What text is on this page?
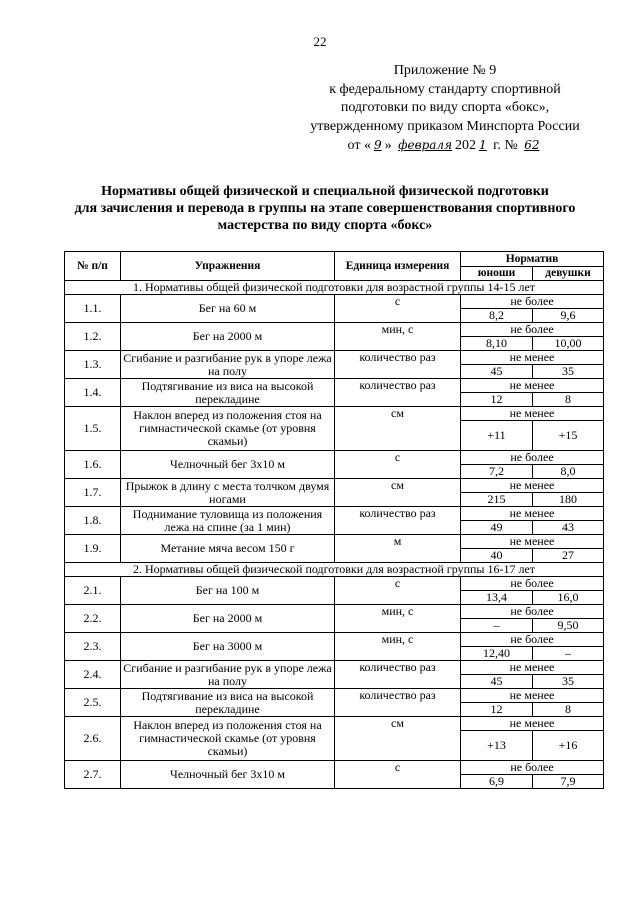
22
Приложение № 9
к федеральному стандарту спортивной
подготовки по виду спорта «бокс»,
утвержденному приказом Минспорта России
от « 9 » февраля 202 1 г. № 62
Нормативы общей физической и специальной физической подготовки
для зачисления и перевода в группы на этапе совершенствования спортивного
мастерства по виду спорта «бокс»
№ п/п	Упражнения	Единица измерения	Норматив	
			юноши	девушки
1. Нормативы общей физической подготовки для возрастной группы 14-15 лет				
1.1.	Бег на 60 м	с	не более	
			8,2	9,6
1.2.	Бег на 2000 м	мин, с	не более	
			8,10	10,00
1.3.	Сгибание и разгибание рук в упоре лежа на полу	количество раз	не менее	
			45	35
1.4.	Подтягивание из виса на высокой перекладине	количество раз	не менее	
			12	8
1.5.	Наклон вперед из положения стоя на гимнастической скамье (от уровня скамьи)	см	не менее	
			+11	+15
1.6.	Челночный бег 3х10 м	с	не более	
			7,2	8,0
1.7.	Прыжок в длину с места толчком двумя ногами	см	не менее	
			215	180
1.8.	Поднимание туловища из положения лежа на спине (за 1 мин)	количество раз	не менее	
			49	43
1.9.	Метание мяча весом 150 г	м	не менее	
			40	27
2. Нормативы общей физической подготовки для возрастной группы 16-17 лет				
2.1.	Бег на 100 м	с	не более	
			13,4	16,0
2.2.	Бег на 2000 м	мин, с	не более	
			–	9,50
2.3.	Бег на 3000 м	мин, с	не более	
			12,40	–
2.4.	Сгибание и разгибание рук в упоре лежа на полу	количество раз	не менее	
			45	35
2.5.	Подтягивание из виса на высокой перекладине	количество раз	не менее	
			12	8
2.6.	Наклон вперед из положения стоя на гимнастической скамье (от уровня скамьи)	см	не менее	
			+13	+16
2.7.	Челночный бег 3х10 м	с	не более	
			6,9	7,9
